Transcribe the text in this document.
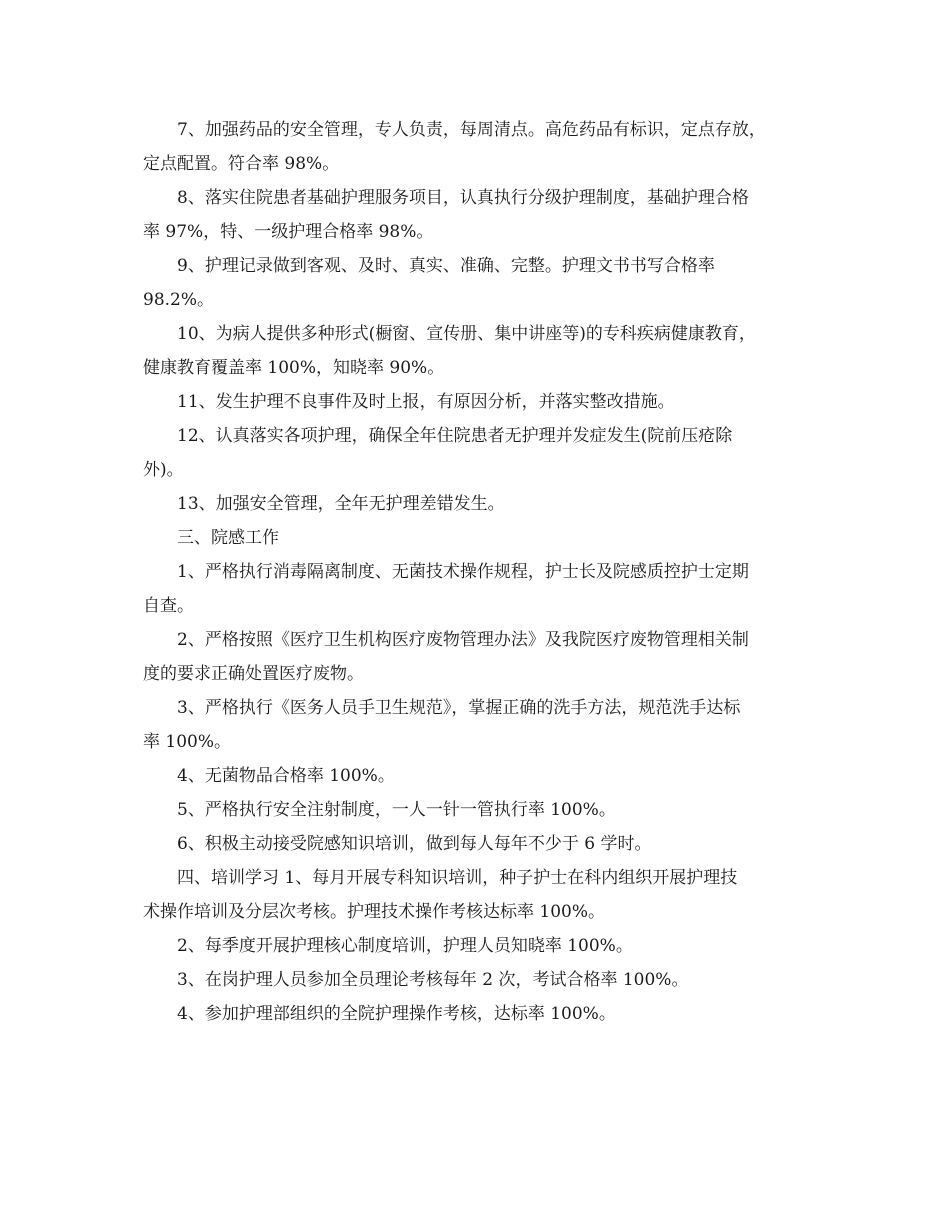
7、加强药品的安全管理，专人负责，每周清点。高危药品有标识，定点存放，
定点配置。符合率 98%。
8、落实住院患者基础护理服务项目，认真执行分级护理制度，基础护理合格
率 97%，特、一级护理合格率 98%。
9、护理记录做到客观、及时、真实、准确、完整。护理文书书写合格率
98.2%。
10、为病人提供多种形式(橱窗、宣传册、集中讲座等)的专科疾病健康教育，
健康教育覆盖率 100%，知晓率 90%。
11、发生护理不良事件及时上报，有原因分析，并落实整改措施。
12、认真落实各项护理，确保全年住院患者无护理并发症发生(院前压疮除
外)。
13、加强安全管理，全年无护理差错发生。
三、院感工作
1、严格执行消毒隔离制度、无菌技术操作规程，护士长及院感质控护士定期
自查。
2、严格按照《医疗卫生机构医疗废物管理办法》及我院医疗废物管理相关制
度的要求正确处置医疗废物。
3、严格执行《医务人员手卫生规范》，掌握正确的洗手方法，规范洗手达标
率 100%。
4、无菌物品合格率 100%。
5、严格执行安全注射制度，一人一针一管执行率 100%。
6、积极主动接受院感知识培训，做到每人每年不少于 6 学时。
四、培训学习 1、每月开展专科知识培训，种子护士在科内组织开展护理技
术操作培训及分层次考核。护理技术操作考核达标率 100%。
2、每季度开展护理核心制度培训，护理人员知晓率 100%。
3、在岗护理人员参加全员理论考核每年 2 次，考试合格率 100%。
4、参加护理部组织的全院护理操作考核，达标率 100%。
